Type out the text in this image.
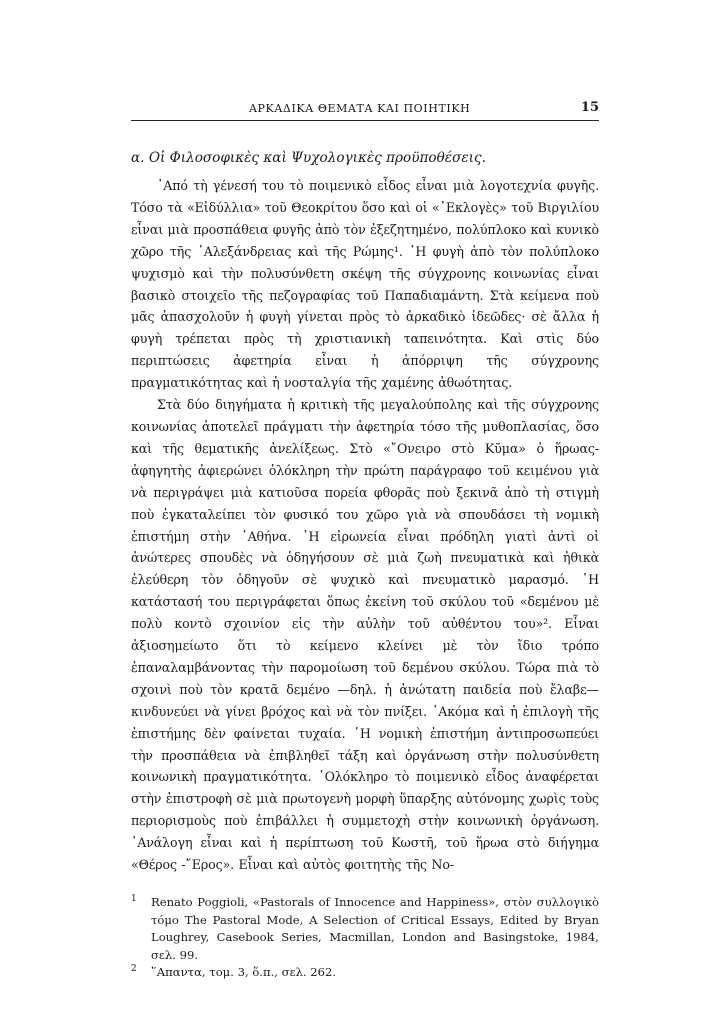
ΑΡΚΑΔΙΚΑ ΘΕΜΑΤΑ ΚΑΙ ΠΟΙΗΤΙΚΗ	15
α. Οἱ Φιλοσοφικὲς καὶ Ψυχολογικὲς προϋποθέσεις.

᾿Από τὴ γένεσή του τὸ ποιμενικὸ εἶδος εἶναι μιὰ λογοτεχνία φυγῆς. Τόσο τὰ «Εἰδύλλια» τοῦ Θεοκρίτου ὅσο καὶ οἱ «᾿Εκλογὲς» τοῦ Βιργιλίου εἶναι μιὰ προσπάθεια φυγῆς ἀπὸ τὸν ἐξεζητημένο, πολύπλοκο καὶ κυνικὸ χῶρο τῆς ᾿Αλεξάνδρειας καὶ τῆς Ρώμης¹. ῾Η φυγὴ ἀπὸ τὸν πολύπλοκο ψυχισμὸ καὶ τὴν πολυσύνθετη σκέψη τῆς σύγχρονης κοινωνίας εἶναι βασικὸ στοιχεῖο τῆς πεζογραφίας τοῦ Παπαδιαμάντη. Στὰ κείμενα ποὺ μᾶς ἀπασχολοῦν ἡ φυγὴ γίνεται πρὸς τὸ ἀρκαδικὸ ἰδεῶδες· σὲ ἄλλα ἡ φυγὴ τρέπεται πρὸς τὴ χριστιανικὴ ταπεινότητα. Καὶ στὶς δύο περιπτώσεις ἀφετηρία εἶναι ἡ ἀπόρριψη τῆς σύγχρονης πραγματικότητας καὶ ἡ νοσταλγία τῆς χαμένης ἀθωότητας.

Στὰ δύο διηγήματα ἡ κριτικὴ τῆς μεγαλούπολης καὶ τῆς σύγχρονης κοινωνίας ἀποτελεῖ πράγματι τὴν ἀφετηρία τόσο τῆς μυθοπλασίας, ὅσο καὶ τῆς θεματικῆς ἀνελίξεως. Στὸ «῎Ονειρο στὸ Κῦμα» ὁ ἥρωας-ἀφηγητὴς ἀφιερώνει ὁλόκληρη τὴν πρώτη παράγραφο τοῦ κειμένου γιὰ νὰ περιγράψει μιὰ κατιοῦσα πορεία φθορᾶς ποὺ ξεκινᾶ ἀπὸ τὴ στιγμὴ ποὺ ἐγκαταλείπει τὸν φυσικό του χῶρο γιὰ νὰ σπουδάσει τὴ νομικὴ ἐπιστήμη στὴν ᾿Αθήνα. ῾Η εἰρωνεία εἶναι πρόδηλη γιατὶ ἀντὶ οἱ ἀνώτερες σπουδὲς νὰ ὁδηγήσουν σὲ μιὰ ζωὴ πνευματικὰ καὶ ἠθικὰ ἐλεύθερη τὸν ὁδηγοῦν σὲ ψυχικὸ καὶ πνευματικὸ μαρασμό. ῾Η κατάστασή του περιγράφεται ὅπως ἐκείνη τοῦ σκύλου τοῦ «δεμένου μὲ πολὺ κοντὸ σχοινίον εἰς τὴν αὐλὴν τοῦ αὐθέντου του»². Εἶναι ἀξιοσημείωτο ὅτι τὸ κείμενο κλείνει μὲ τὸν ἴδιο τρόπο ἐπαναλαμβάνοντας τὴν παρομοίωση τοῦ δεμένου σκύλου. Τώρα πιὰ τὸ σχοινὶ ποὺ τὸν κρατᾶ δεμένο —δηλ. ἡ ἀνώτατη παιδεία ποὺ ἔλαβε— κινδυνεύει νὰ γίνει βρόχος καὶ νὰ τὸν πνίξει. ᾿Ακόμα καὶ ἡ ἐπιλογὴ τῆς ἐπιστήμης δὲν φαίνεται τυχαία. ῾Η νομικὴ ἐπιστήμη ἀντιπροσωπεύει τὴν προσπάθεια νὰ ἐπιβληθεῖ τάξη καὶ ὀργάνωση στὴν πολυσύνθετη κοινωνικὴ πραγματικότητα. ῾Ολόκληρο τὸ ποιμενικὸ εἶδος ἀναφέρεται στὴν ἐπιστροφὴ σὲ μιὰ πρωτογενὴ μορφὴ ὕπαρξης αὐτόνομης χωρὶς τοὺς περιορισμοὺς ποὺ ἐπιβάλλει ἡ συμμετοχὴ στὴν κοινωνικὴ ὀργάνωση. ᾿Ανάλογη εἶναι καὶ ἡ περίπτωση τοῦ Κωστῆ, τοῦ ἥρωα στὸ διήγημα «Θέρος -῎Ερος». Εἶναι καὶ αὐτὸς φοιτητὴς τῆς Νο-

1 Renato Poggioli, «Pastorals of Innocence and Happiness», στὸν συλλογικὸ τόμο The Pastoral Mode, A Selection of Critical Essays, Edited by Bryan Loughrey, Casebook Series, Macmillan, London and Basingstoke, 1984, σελ. 99.
2 ῞Απαντα, τομ. 3, ὅ.π., σελ. 262.
